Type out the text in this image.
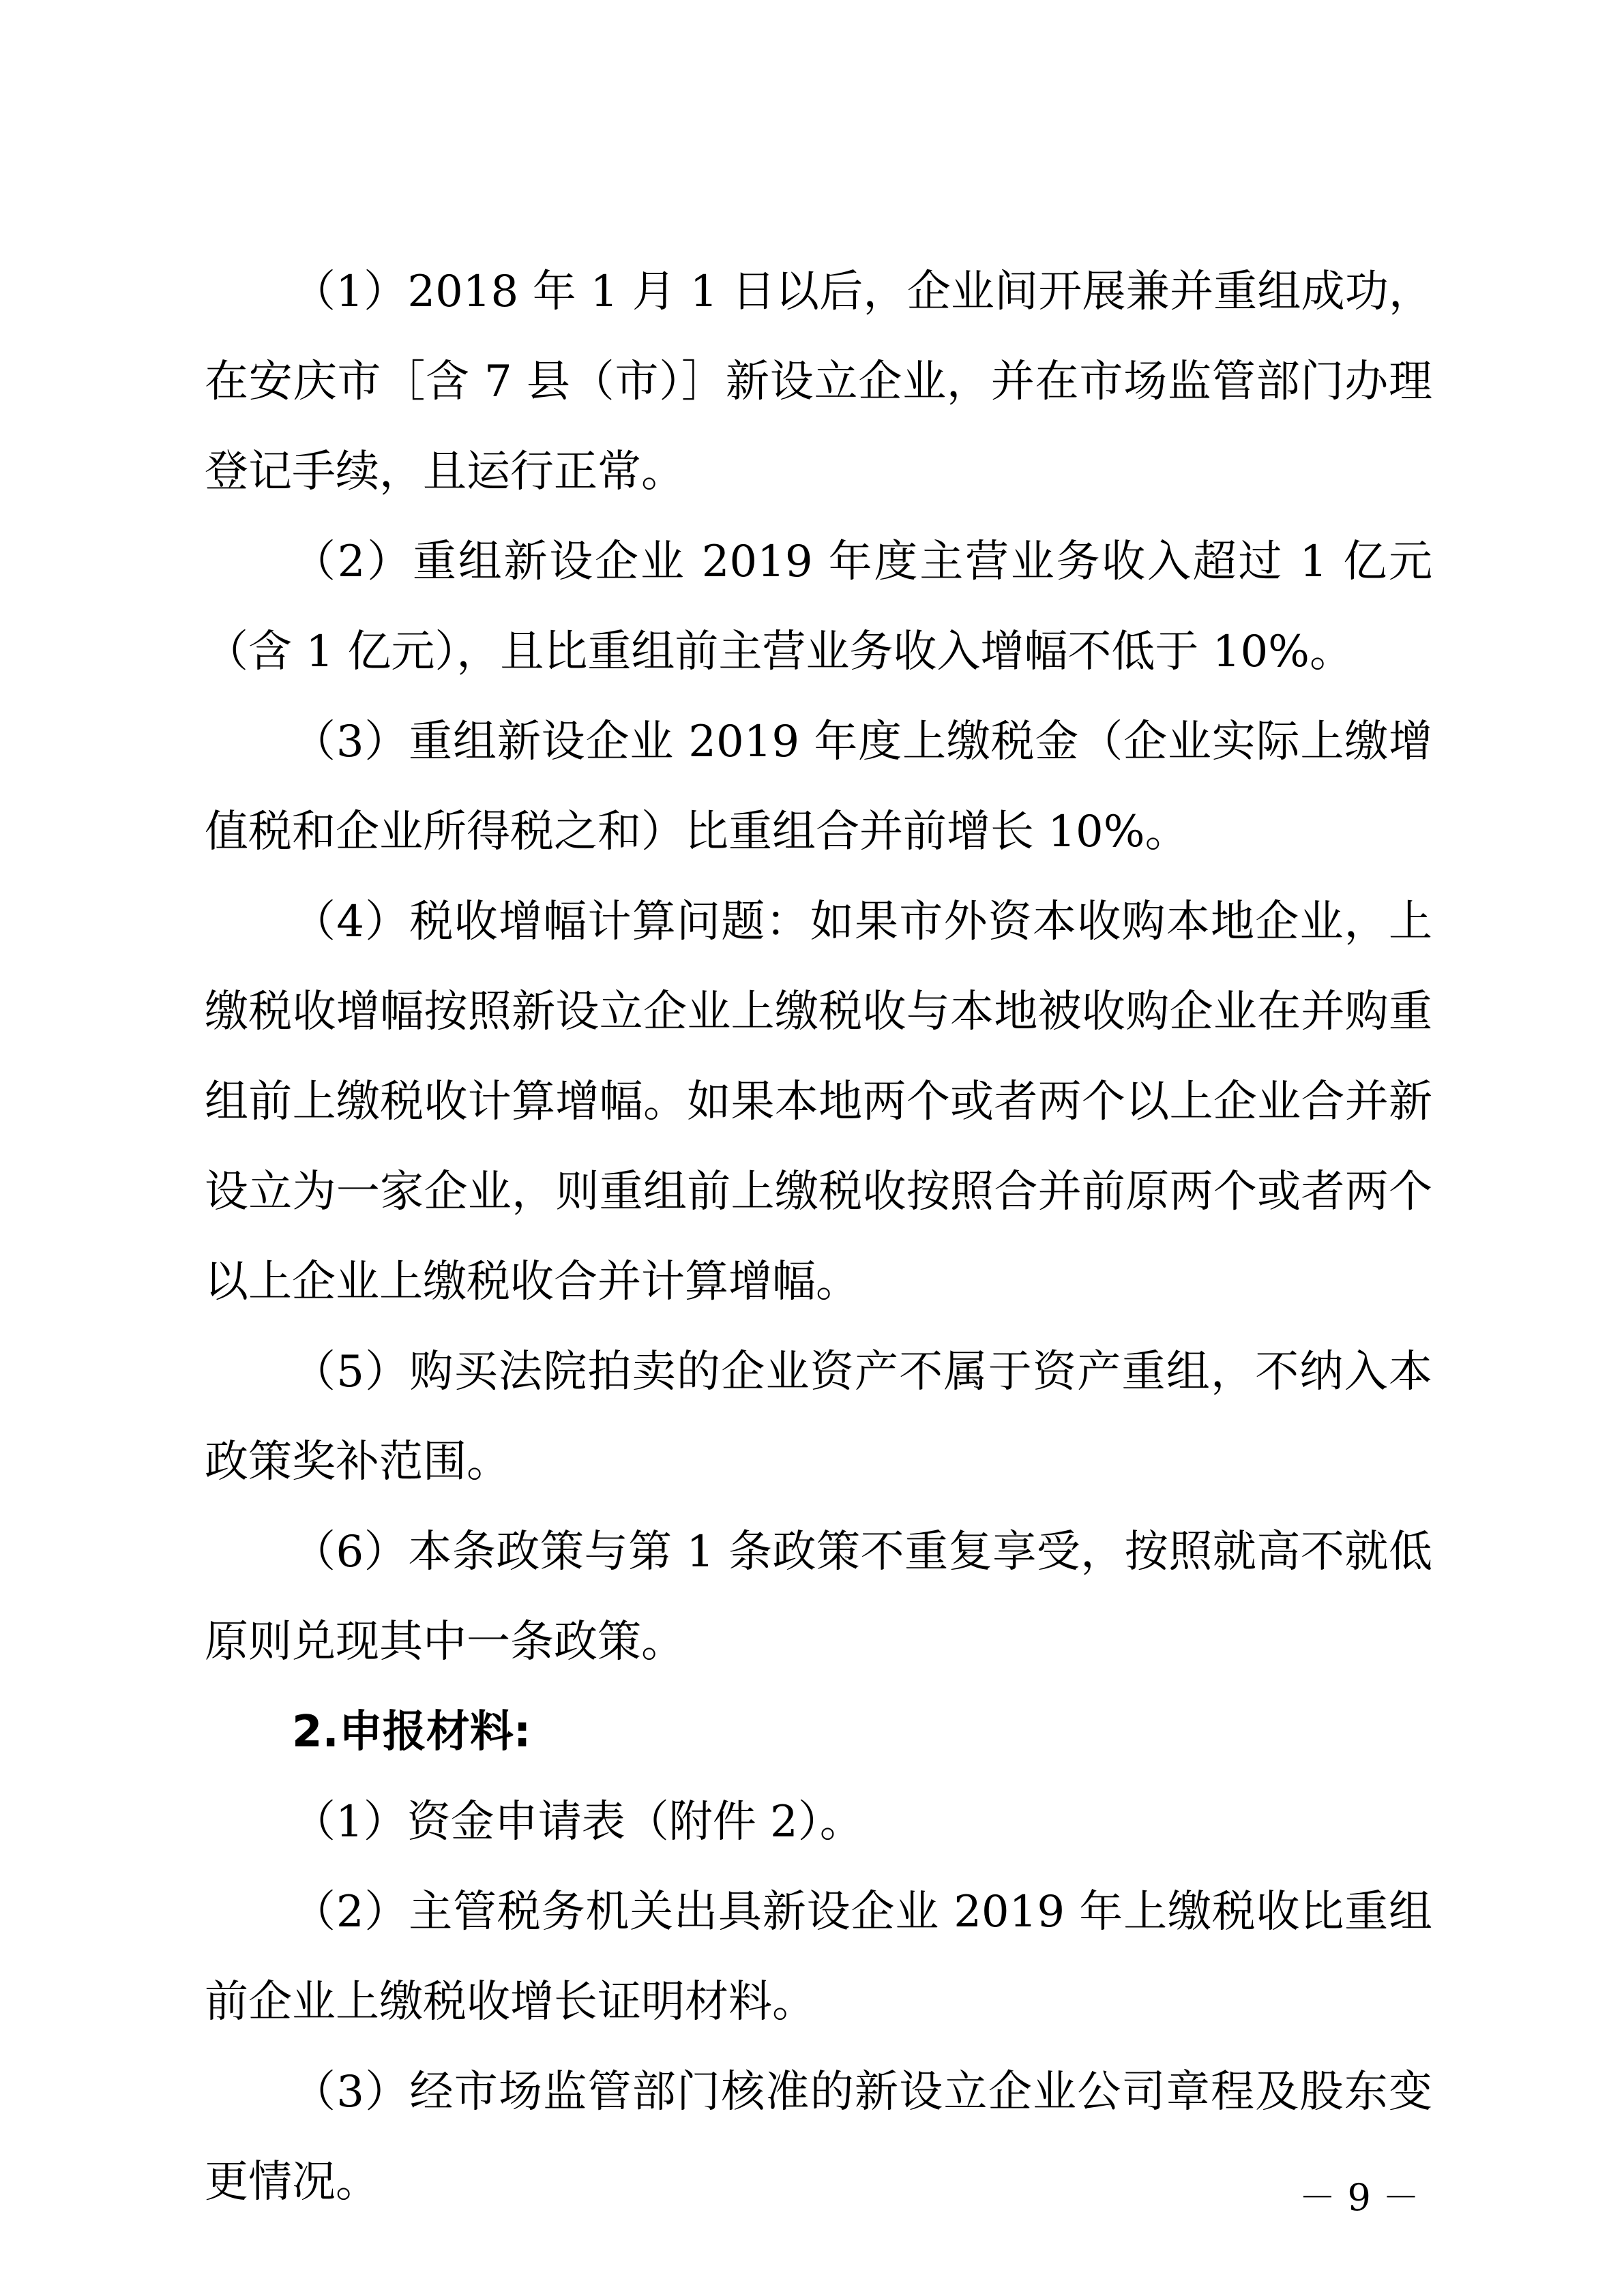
（1）2018 年 1 月 1 日以后，企业间开展兼并重组成功，在安庆市［含 7 县（市）］新设立企业，并在市场监管部门办理登记手续，且运行正常。

（2）重组新设企业 2019 年度主营业务收入超过 1 亿元（含 1 亿元），且比重组前主营业务收入增幅不低于 10%。

（3）重组新设企业 2019 年度上缴税金（企业实际上缴增值税和企业所得税之和）比重组合并前增长 10%。

（4）税收增幅计算问题：如果市外资本收购本地企业，上缴税收增幅按照新设立企业上缴税收与本地被收购企业在并购重组前上缴税收计算增幅。如果本地两个或者两个以上企业合并新设立为一家企业，则重组前上缴税收按照合并前原两个或者两个以上企业上缴税收合并计算增幅。

（5）购买法院拍卖的企业资产不属于资产重组，不纳入本政策奖补范围。

（6）本条政策与第 1 条政策不重复享受，按照就高不就低原则兑现其中一条政策。

2.申报材料:

（1）资金申请表（附件 2）。

（2）主管税务机关出具新设企业 2019 年上缴税收比重组前企业上缴税收增长证明材料。

（3）经市场监管部门核准的新设立企业公司章程及股东变更情况。	－ 9 －
